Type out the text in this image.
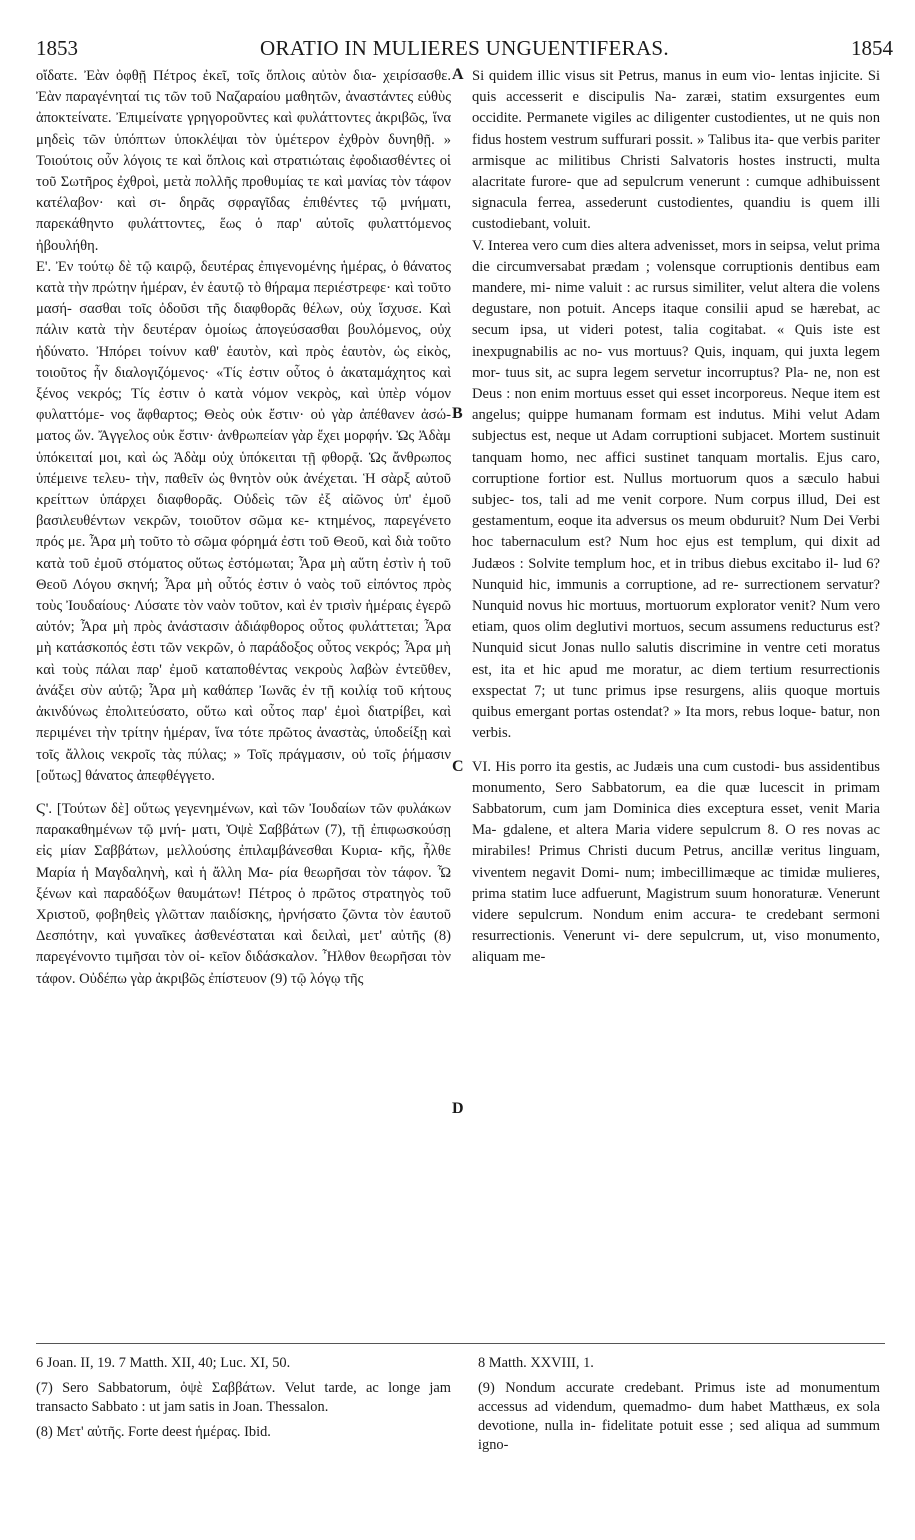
1853	ORATIO IN MULIERES UNGUENTIFERAS.	1854

οἴδατε. Ἐὰν ὀφθῇ Πέτρος ἐκεῖ, τοῖς ὅπλοις αὐτὸν δια- χειρίσασθε. Ἐὰν παραγένηταί τις τῶν τοῦ Ναζαραίου μαθητῶν, ἀναστάντες εὐθὺς ἀποκτείνατε. Ἐπιμείνατε γρηγοροῦντες καὶ φυλάττοντες ἀκριβῶς, ἵνα μηδεὶς τῶν ὑπόπτων ὑποκλέψαι τὸν ὑμέτερον ἐχθρὸν δυνηθῇ. » Τοιούτοις οὖν λόγοις τε καὶ ὅπλοις καὶ στρατιώταις ἐφοδιασθέντες οἱ τοῦ Σωτῆρος ἐχθροὶ, μετὰ πολλῆς προθυμίας τε καὶ μανίας τὸν τάφον κατέλαβον· καὶ σι- δηρᾶς σφραγῖδας ἐπιθέντες τῷ μνήματι, παρεκάθηντο φυλάττοντες, ἕως ὁ παρ' αὐτοῖς φυλαττόμενος ἠβουλήθη.

Ε'. Ἐν τούτῳ δὲ τῷ καιρῷ, δευτέρας ἐπιγενομένης ἡμέρας, ὁ θάνατος κατὰ τὴν πρώτην ἡμέραν, ἐν ἑαυτῷ τὸ θήραμα περιέστρεφε· καὶ τοῦτο μασή- σασθαι τοῖς ὀδοῦσι τῆς διαφθορᾶς θέλων, οὐχ ἴσχυσε. Καὶ πάλιν κατὰ τὴν δευτέραν ὁμοίως ἀπογεύσασθαι βουλόμενος, οὐχ ἠδύνατο. Ἠπόρει τοίνυν καθ' ἑαυτὸν, καὶ πρὸς ἑαυτὸν, ὡς εἰκὸς, τοιοῦτος ἦν διαλογιζόμενος· «Τίς ἐστιν οὗτος ὁ ἀκαταμάχητος καὶ ξένος νεκρός; Τίς ἐστιν ὁ κατὰ νόμον νεκρὸς, καὶ ὑπὲρ νόμον φυλαττόμε- νος ἄφθαρτος; Θεὸς οὐκ ἔστιν· οὐ γὰρ ἀπέθανεν ἀσώ- ματος ὤν. Ἄγγελος οὐκ ἔστιν· ἀνθρωπείαν γὰρ ἔχει μορφήν. Ὡς Ἀδὰμ ὑπόκειταί μοι, καὶ ὡς Ἀδὰμ οὐχ ὑπόκειται τῇ φθορᾷ. Ὡς ἄνθρωπος ὑπέμεινε τελευ- τὴν, παθεῖν ὡς θνητὸν οὐκ ἀνέχεται. Ἡ σὰρξ αὐτοῦ κρείττων ὑπάρχει διαφθορᾶς. Οὐδεὶς τῶν ἐξ αἰῶνος ὑπ' ἐμοῦ βασιλευθέντων νεκρῶν, τοιοῦτον σῶμα κε- κτημένος, παρεγένετο πρός με. Ἆρα μὴ τοῦτο τὸ σῶμα φόρημά ἐστι τοῦ Θεοῦ, καὶ διὰ τοῦτο κατὰ τοῦ ἐμοῦ στόματος οὕτως ἐστόμωται; Ἆρα μὴ αὕτη ἐστὶν ἡ τοῦ Θεοῦ Λόγου σκηνή; Ἆρα μὴ οὗτός ἐστιν ὁ ναὸς τοῦ εἰπόντος πρὸς τοὺς Ἰουδαίους· Λύσατε τὸν ναὸν τοῦτον, καὶ ἐν τρισὶν ἡμέραις ἐγερῶ αὐτόν; Ἆρα μὴ πρὸς ἀνάστασιν ἀδιάφθορος οὗτος φυλάττεται; Ἆρα μὴ κατάσκοπός ἐστι τῶν νεκρῶν, ὁ παράδοξος οὗτος νεκρός; Ἆρα μὴ καὶ τοὺς πάλαι παρ' ἐμοῦ καταποθέντας νεκροὺς λαβὼν ἐντεῦθεν, ἀνάξει σὺν αὐτῷ; Ἆρα μὴ καθάπερ Ἰωνᾶς ἐν τῇ κοιλίᾳ τοῦ κήτους ἀκινδύνως ἐπολιτεύσατο, οὕτω καὶ οὗτος παρ' ἐμοὶ διατρίβει, καὶ περιμένει τὴν τρίτην ἡμέραν, ἵνα τότε πρῶτος ἀναστὰς, ὑποδείξῃ καὶ τοῖς ἄλλοις νεκροῖς τὰς πύλας; » Τοῖς πράγμασιν, οὐ τοῖς ῥήμασιν [οὕτως] θάνατος ἀπεφθέγγετο.

Ϛ'. [Τούτων δὲ] οὕτως γεγενημένων, καὶ τῶν Ἰουδαίων τῶν φυλάκων παρακαθημένων τῷ μνή- ματι, Ὀψὲ Σαββάτων (7), τῇ ἐπιφωσκούσῃ εἰς μίαν Σαββάτων, μελλούσης ἐπιλαμβάνεσθαι Κυρια- κῆς, ἦλθε Μαρία ἡ Μαγδαληνὴ, καὶ ἡ ἄλλη Μα- ρία θεωρῆσαι τὸν τάφον. Ὦ ξένων καὶ παραδόξων θαυμάτων! Πέτρος ὁ πρῶτος στρατηγὸς τοῦ Χριστοῦ, φοβηθεὶς γλῶτταν παιδίσκης, ἠρνήσατο ζῶντα τὸν ἑαυτοῦ Δεσπότην, καὶ γυναῖκες ἀσθενέσταται καὶ δειλαὶ, μετ' αὐτῆς (8) παρεγένοντο τιμῆσαι τὸν οἰ- κεῖον διδάσκαλον. Ἦλθον θεωρῆσαι τὸν τάφον. Οὐδέπω γὰρ ἀκριβῶς ἐπίστευον (9) τῷ λόγῳ τῆς

A
B
C
D

Si quidem illic visus sit Petrus, manus in eum vio- lentas injicite. Si quis accesserit e discipulis Na- zaræi, statim exsurgentes eum occidite. Permanete vigiles ac diligenter custodientes, ut ne quis non fidus hostem vestrum suffurari possit. » Talibus ita- que verbis pariter armisque ac militibus Christi Salvatoris hostes instructi, multa alacritate furore- que ad sepulcrum venerunt : cumque adhibuissent signacula ferrea, assederunt custodientes, quandiu is quem illi custodiebant, voluit.

V. Interea vero cum dies altera advenisset, mors in seipsa, velut prima die circumversabat prædam ; volensque corruptionis dentibus eam mandere, mi- nime valuit : ac rursus similiter, velut altera die volens degustare, non potuit. Anceps itaque consilii apud se hærebat, ac secum ipsa, ut videri potest, talia cogitabat. « Quis iste est inexpugnabilis ac no- vus mortuus? Quis, inquam, qui juxta legem mor- tuus sit, ac supra legem servetur incorruptus? Pla- ne, non est Deus : non enim mortuus esset qui esset incorporeus. Neque item est angelus; quippe humanam formam est indutus. Mihi velut Adam subjectus est, neque ut Adam corruptioni subjacet. Mortem sustinuit tanquam homo, nec affici sustinet tanquam mortalis. Ejus caro, corruptione fortior est. Nullus mortuorum quos a sæculo habui subjec- tos, tali ad me venit corpore. Num corpus illud, Dei est gestamentum, eoque ita adversus os meum obduruit? Num Dei Verbi hoc tabernaculum est? Num hoc ejus est templum, qui dixit ad Judæos : Solvite templum hoc, et in tribus diebus excitabo il- lud 6? Nunquid hic, immunis a corruptione, ad re- surrectionem servatur? Nunquid novus hic mortuus, mortuorum explorator venit? Num vero etiam, quos olim deglutivi mortuos, secum assumens reducturus est? Nunquid sicut Jonas nullo salutis discrimine in ventre ceti moratus est, ita et hic apud me moratur, ac diem tertium resurrectionis exspectat 7; ut tunc primus ipse resurgens, aliis quoque mortuis quibus emergant portas ostendat? » Ita mors, rebus loque- batur, non verbis.

VI. His porro ita gestis, ac Judæis una cum custodi- bus assidentibus monumento, Sero Sabbatorum, ea die quæ lucescit in primam Sabbatorum, cum jam Dominica dies exceptura esset, venit Maria Ma- gdalene, et altera Maria videre sepulcrum 8. O res novas ac mirabiles! Primus Christi ducum Petrus, ancillæ veritus linguam, viventem negavit Domi- num; imbecillimæque ac timidæ mulieres, prima statim luce adfuerunt, Magistrum suum honoraturæ. Venerunt videre sepulcrum. Nondum enim accura- te credebant sermoni resurrectionis. Venerunt vi- dere sepulcrum, ut, viso monumento, aliquam me-

6 Joan. II, 19. 7 Matth. XII, 40; Luc. XI, 50.

(7) Sero Sabbatorum, ὀψὲ Σαββάτων. Velut tarde, ac longe jam transacto Sabbato : ut jam satis in Joan. Thessalon.

(8) Μετ' αὐτῆς. Forte deest ἡμέρας. Ibid.

8 Matth. XXVIII, 1.

(9) Nondum accurate credebant. Primus iste ad monumentum accessus ad videndum, quemadmo- dum habet Matthæus, ex sola devotione, nulla in- fidelitate potuit esse ; sed aliqua ad summum igno-
